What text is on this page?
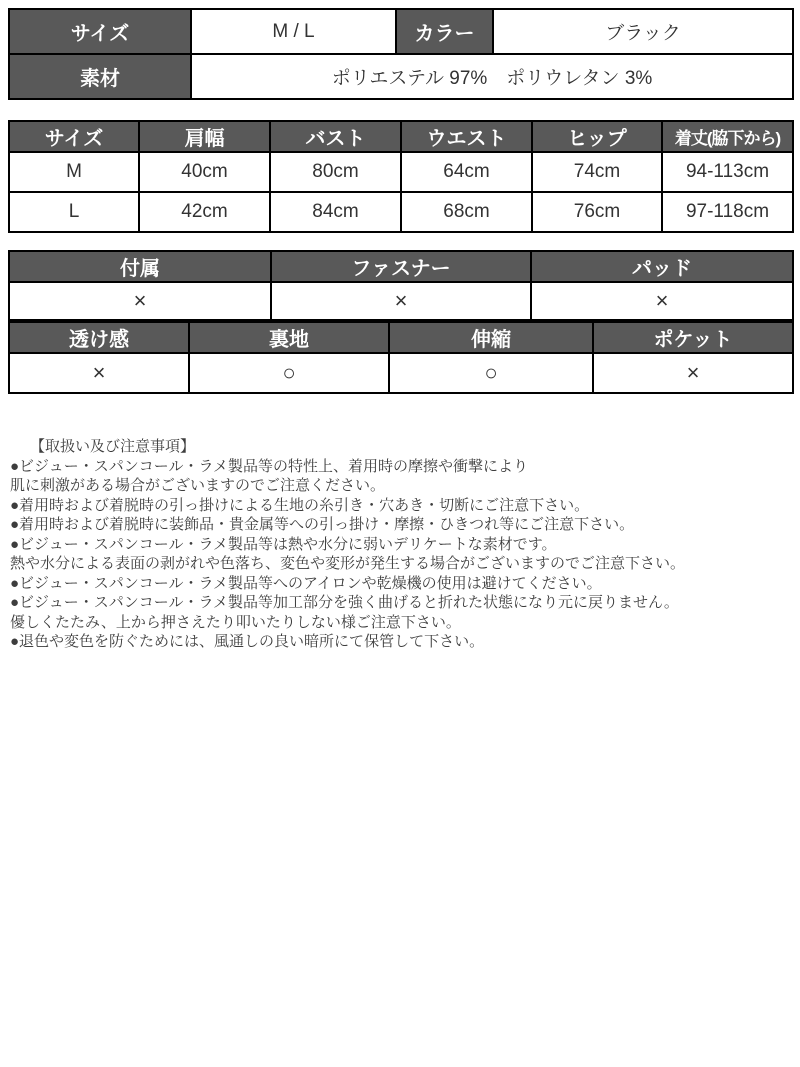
サイズ	M / L	カラー	ブラック
素材	ポリエステル 97%　ポリウレタン 3%		
サイズ	肩幅	バスト	ウエスト	ヒップ	着丈(脇下から)
M	40cm	80cm	64cm	74cm	94-113cm
L	42cm	84cm	68cm	76cm	97-118cm
付属	ファスナー	パッド
×	×	×
透け感	裏地	伸縮	ポケット
×	○	○	×
【取扱い及び注意事項】
●ビジュー・スパンコール・ラメ製品等の特性上、着用時の摩擦や衝撃により
肌に刺激がある場合がございますのでご注意ください。
●着用時および着脱時の引っ掛けによる生地の糸引き・穴あき・切断にご注意下さい。
●着用時および着脱時に装飾品・貴金属等への引っ掛け・摩擦・ひきつれ等にご注意下さい。
●ビジュー・スパンコール・ラメ製品等は熱や水分に弱いデリケートな素材です。
熱や水分による表面の剥がれや色落ち、変色や変形が発生する場合がございますのでご注意下さい。
●ビジュー・スパンコール・ラメ製品等へのアイロンや乾燥機の使用は避けてください。
●ビジュー・スパンコール・ラメ製品等加工部分を強く曲げると折れた状態になり元に戻りません。
優しくたたみ、上から押さえたり叩いたりしない様ご注意下さい。
●退色や変色を防ぐためには、風通しの良い暗所にて保管して下さい。
